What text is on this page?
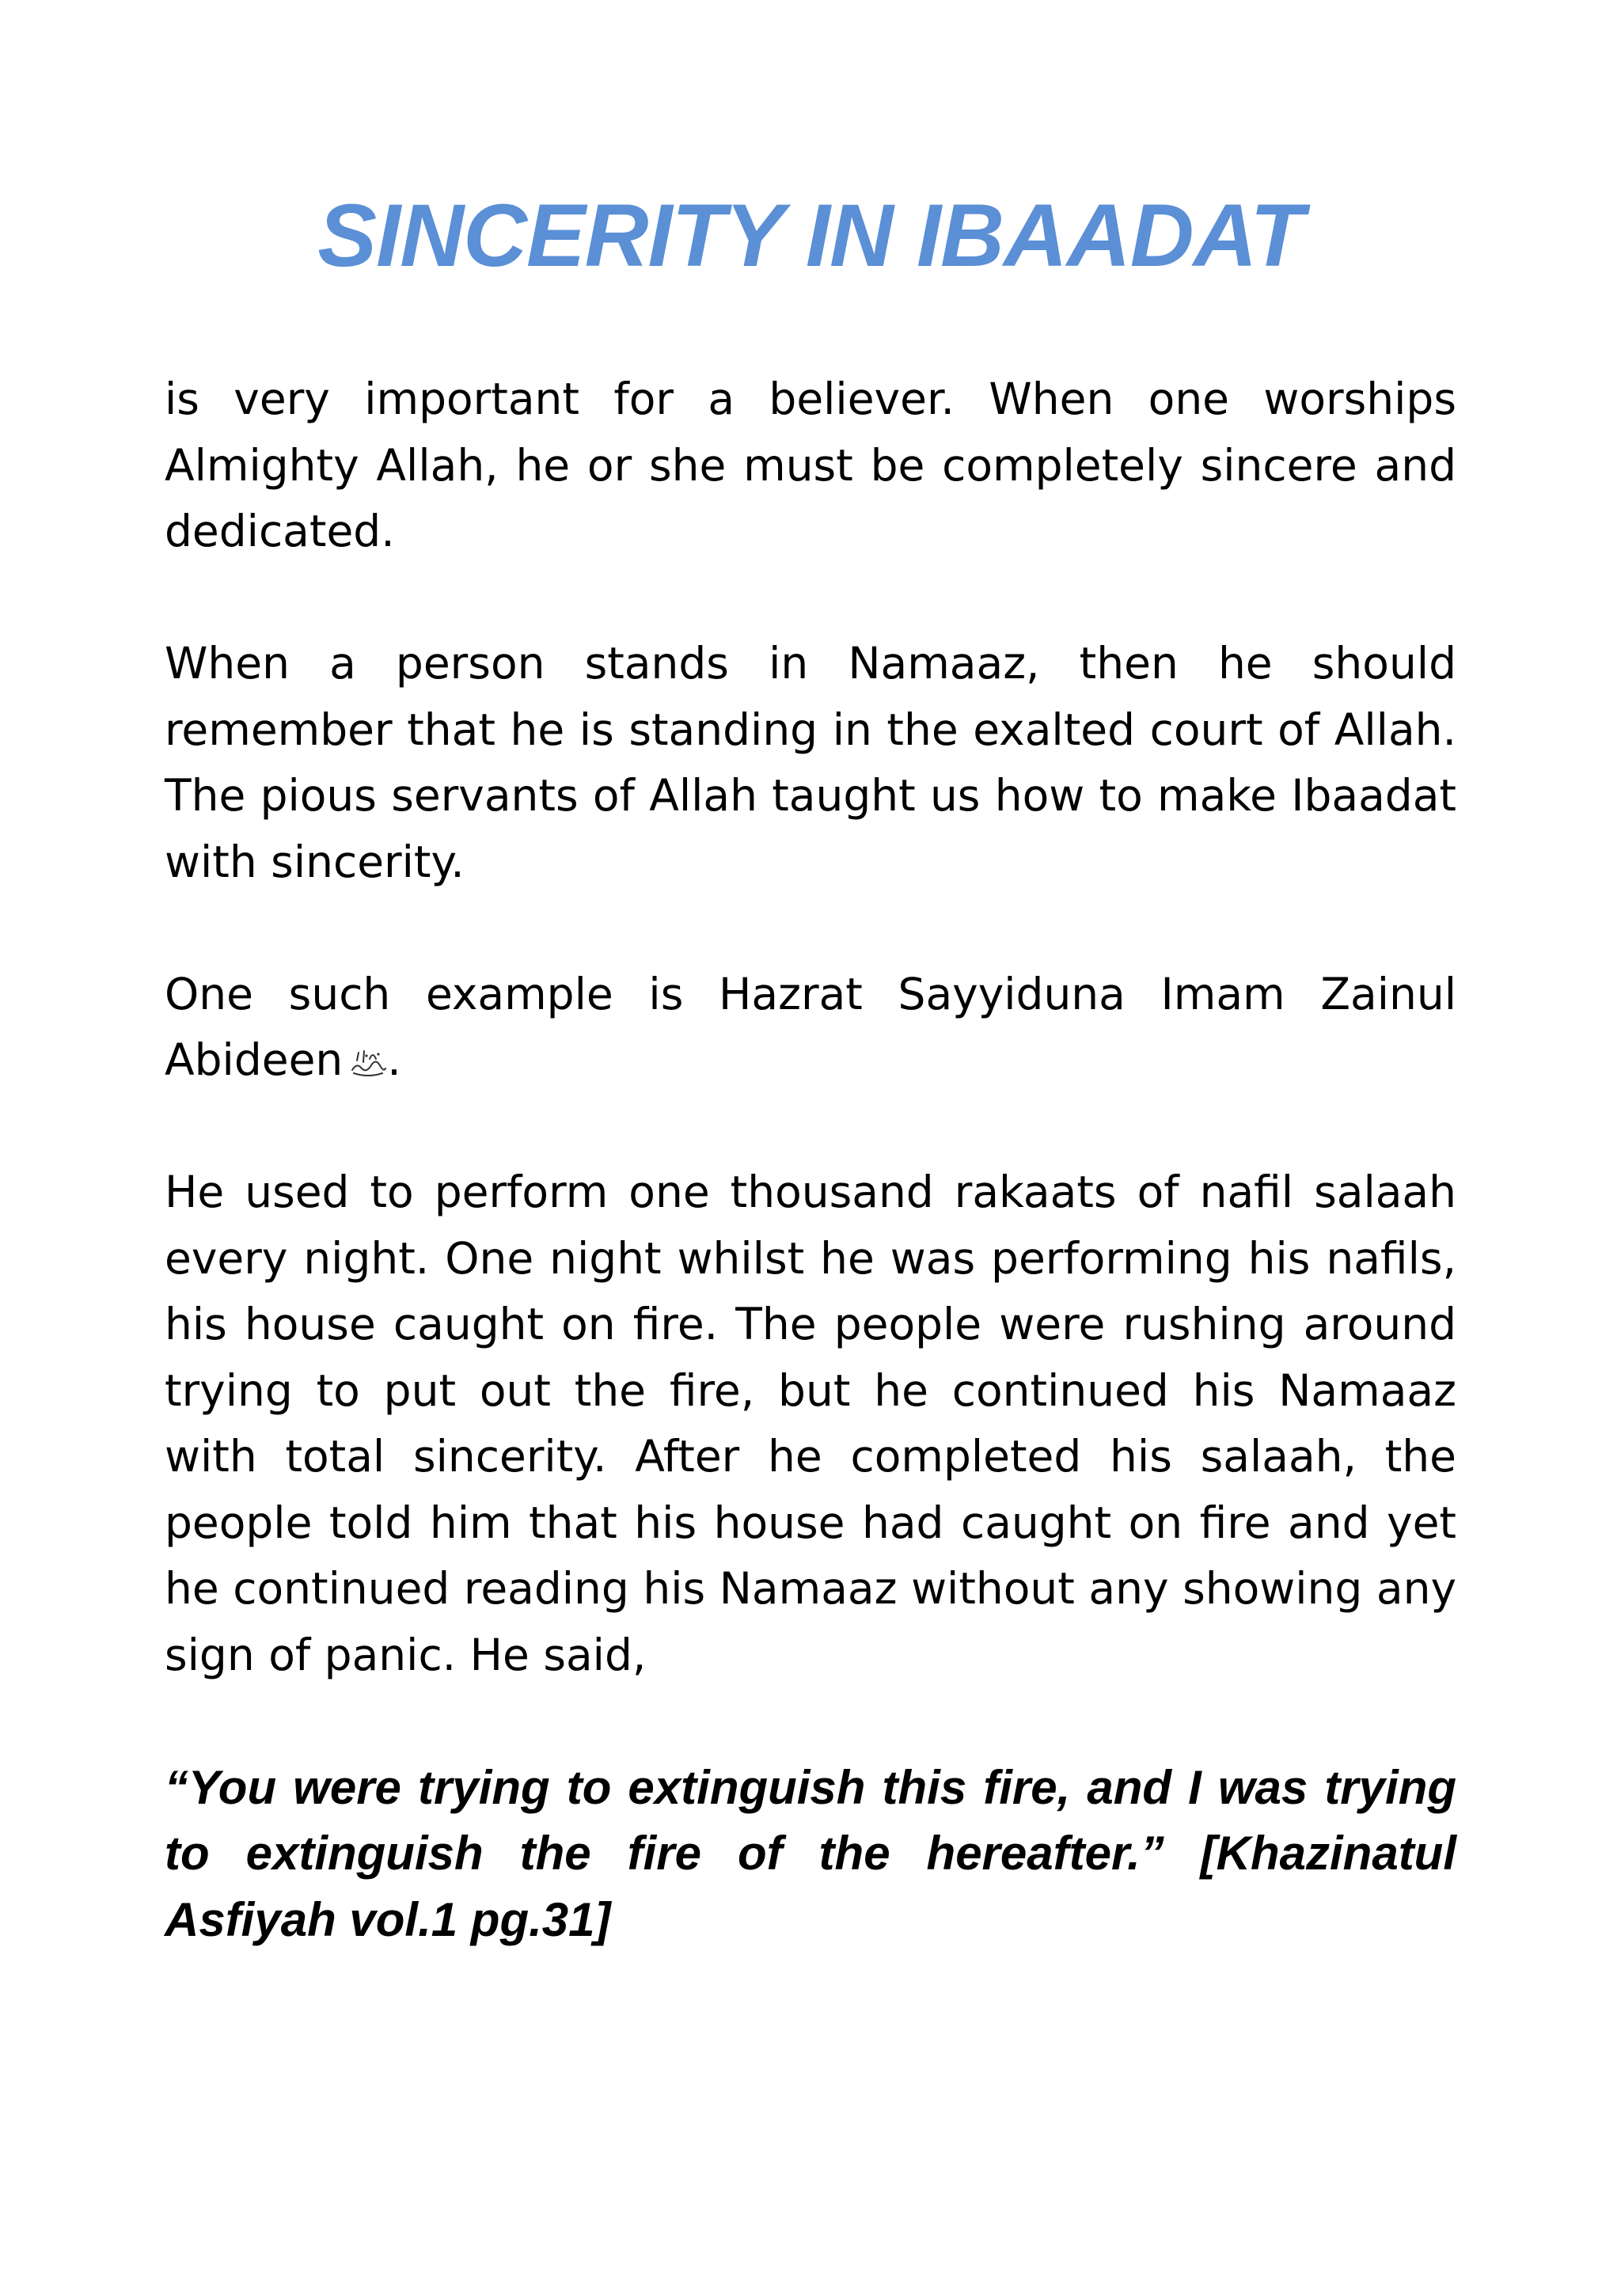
SINCERITY IN IBAADAT

is very important for a believer. When one worships Almighty Allah, he or she must be completely sincere and dedicated.

When a person stands in Namaaz, then he should remember that he is standing in the exalted court of Allah. The pious servants of Allah taught us how to make Ibaadat with sincerity.

One such example is Hazrat Sayyiduna Imam Zainul Abideen .

He used to perform one thousand rakaats of nafil salaah every night. One night whilst he was performing his nafils, his house caught on fire. The people were rushing around trying to put out the fire, but he continued his Namaaz with total sincerity. After he completed his salaah, the people told him that his house had caught on fire and yet he continued reading his Namaaz without any showing any sign of panic. He said,

“You were trying to extinguish this fire, and I was trying to extinguish the fire of the hereafter.” [Khazinatul Asfiyah vol.1 pg.31]
